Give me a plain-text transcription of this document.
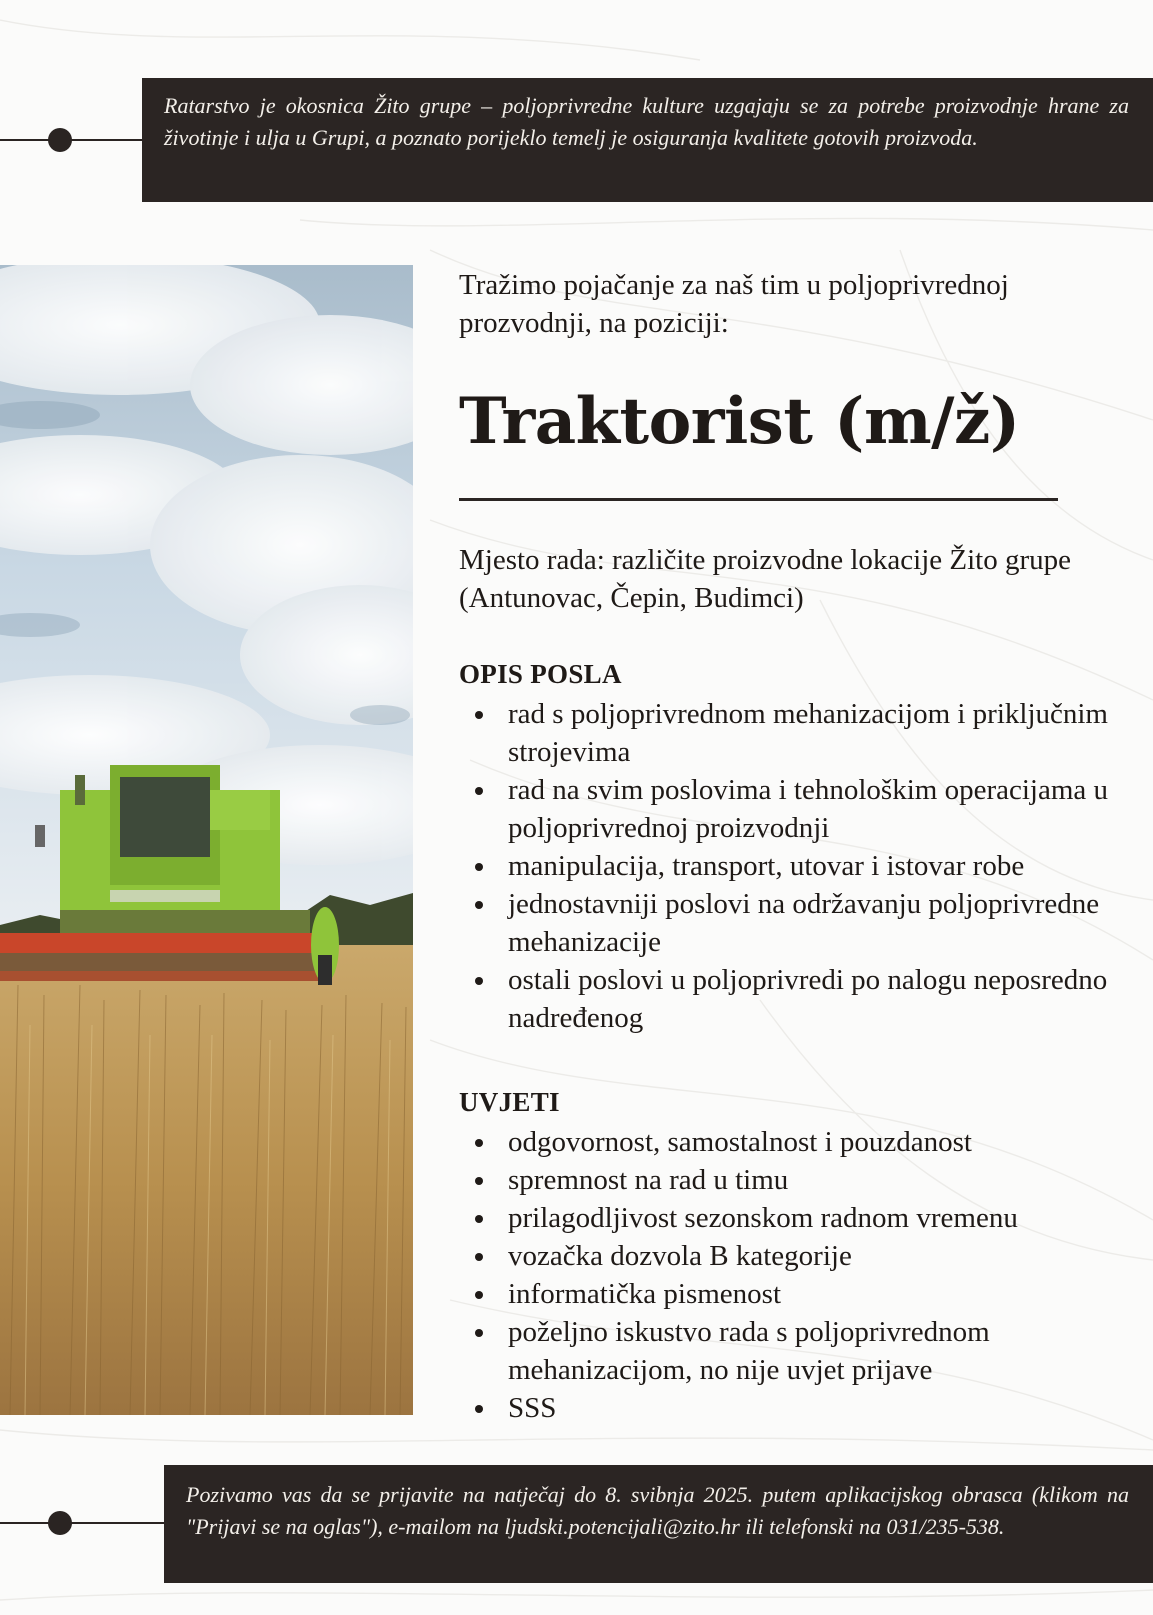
Ratarstvo je okosnica Žito grupe – poljoprivredne kulture uzgajaju se za potrebe proizvodnje hrane za životinje i ulja u Grupi, a poznato porijeklo temelj je osiguranja kvalitete gotovih proizvoda.

Tražimo pojačanje za naš tim u poljoprivrednoj prozvodnji, na poziciji:

Traktorist (m/ž)

Mjesto rada: različite proizvodne lokacije Žito grupe (Antunovac, Čepin, Budimci)

OPIS POSLA
rad s poljoprivrednom mehanizacijom i priključnim strojevima
rad na svim poslovima i tehnološkim operacijama u poljoprivrednoj proizvodnji
manipulacija, transport, utovar i istovar robe
jednostavniji poslovi na održavanju poljoprivredne mehanizacije
ostali poslovi u poljoprivredi po nalogu neposredno nadređenog
UVJETI
odgovornost, samostalnost i pouzdanost
spremnost na rad u timu
prilagodljivost sezonskom radnom vremenu
vozačka dozvola B kategorije
informatička pismenost
poželjno iskustvo rada s poljoprivrednom mehanizacijom, no nije uvjet prijave
SSS
Pozivamo vas da se prijavite na natječaj do 8. svibnja 2025. putem aplikacijskog obrasca (klikom na "Prijavi se na oglas"), e-mailom na ljudski.potencijali@zito.hr ili telefonski na 031/235-538.
